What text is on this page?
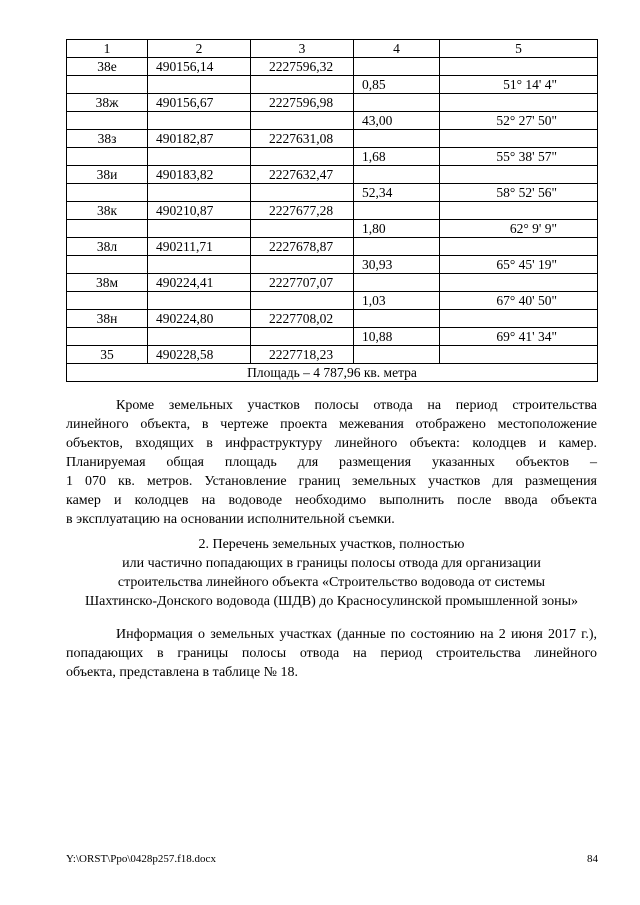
1	2	3	4	5
38е	490156,14	2227596,32		
			0,85	51° 14' 4"
38ж	490156,67	2227596,98		
			43,00	52° 27' 50"
38з	490182,87	2227631,08		
			1,68	55° 38' 57"
38и	490183,82	2227632,47		
			52,34	58° 52' 56"
38к	490210,87	2227677,28		
			1,80	62° 9' 9"
38л	490211,71	2227678,87		
			30,93	65° 45' 19"
38м	490224,41	2227707,07		
			1,03	67° 40' 50"
38н	490224,80	2227708,02		
			10,88	69° 41' 34"
35	490228,58	2227718,23		
Площадь – 4 787,96 кв. метра				
Кроме земельных участков полосы отвода на период строительства
линейного объекта, в чертеже проекта межевания отображено местоположение
объектов, входящих в инфраструктуру линейного объекта: колодцев и камер.
Планируемая общая площадь для размещения указанных объектов –
1 070 кв. метров. Установление границ земельных участков для размещения
камер и колодцев на водоводе необходимо выполнить после ввода объекта
в эксплуатацию на основании исполнительной съемки.
2. Перечень земельных участков, полностью
или частично попадающих в границы полосы отвода для организации
строительства линейного объекта «Строительство водовода от системы
Шахтинско-Донского водовода (ШДВ) до Красносулинской промышленной зоны»
Информация о земельных участках (данные по состоянию на 2 июня 2017 г.),
попадающих в границы полосы отвода на период строительства линейного
объекта, представлена в таблице № 18.
Y:\ORST\Ppo\0428p257.f18.docx	84
